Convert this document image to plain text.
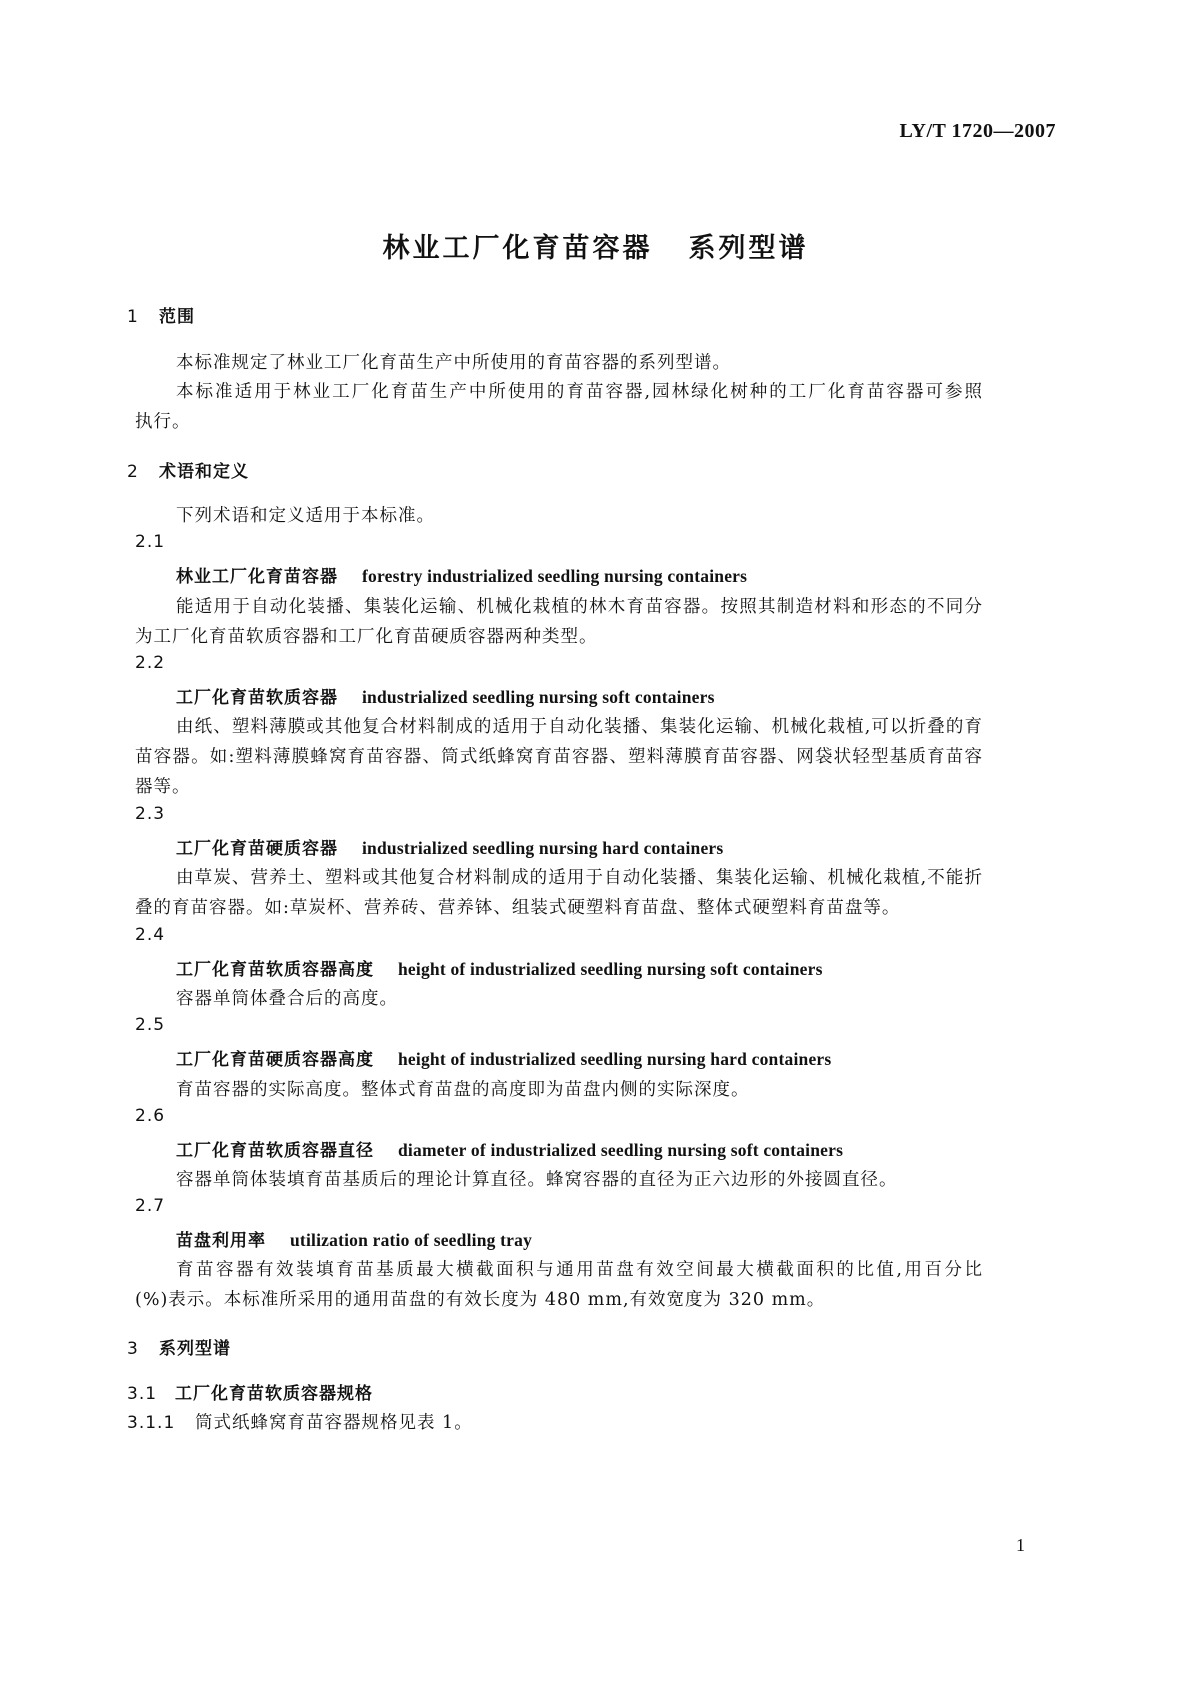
LY/T 1720—2007
林业工厂化育苗容器 系列型谱
1 范围
本标准规定了林业工厂化育苗生产中所使用的育苗容器的系列型谱。
本标准适用于林业工厂化育苗生产中所使用的育苗容器,园林绿化树种的工厂化育苗容器可参照
执行。
2 术语和定义
下列术语和定义适用于本标准。
2.1
林业工厂化育苗容器 forestry industrialized seedling nursing containers
能适用于自动化装播、集装化运输、机械化栽植的林木育苗容器。按照其制造材料和形态的不同分
为工厂化育苗软质容器和工厂化育苗硬质容器两种类型。
2.2
工厂化育苗软质容器 industrialized seedling nursing soft containers
由纸、塑料薄膜或其他复合材料制成的适用于自动化装播、集装化运输、机械化栽植,可以折叠的育
苗容器。如:塑料薄膜蜂窝育苗容器、筒式纸蜂窝育苗容器、塑料薄膜育苗容器、网袋状轻型基质育苗容
器等。
2.3
工厂化育苗硬质容器 industrialized seedling nursing hard containers
由草炭、营养土、塑料或其他复合材料制成的适用于自动化装播、集装化运输、机械化栽植,不能折
叠的育苗容器。如:草炭杯、营养砖、营养钵、组装式硬塑料育苗盘、整体式硬塑料育苗盘等。
2.4
工厂化育苗软质容器高度 height of industrialized seedling nursing soft containers
容器单筒体叠合后的高度。
2.5
工厂化育苗硬质容器高度 height of industrialized seedling nursing hard containers
育苗容器的实际高度。整体式育苗盘的高度即为苗盘内侧的实际深度。
2.6
工厂化育苗软质容器直径 diameter of industrialized seedling nursing soft containers
容器单筒体装填育苗基质后的理论计算直径。蜂窝容器的直径为正六边形的外接圆直径。
2.7
苗盘利用率 utilization ratio of seedling tray
育苗容器有效装填育苗基质最大横截面积与通用苗盘有效空间最大横截面积的比值,用百分比
(%)表示。本标准所采用的通用苗盘的有效长度为 480 mm,有效宽度为 320 mm。
3 系列型谱
3.1 工厂化育苗软质容器规格
3.1.1 筒式纸蜂窝育苗容器规格见表 1。
1
